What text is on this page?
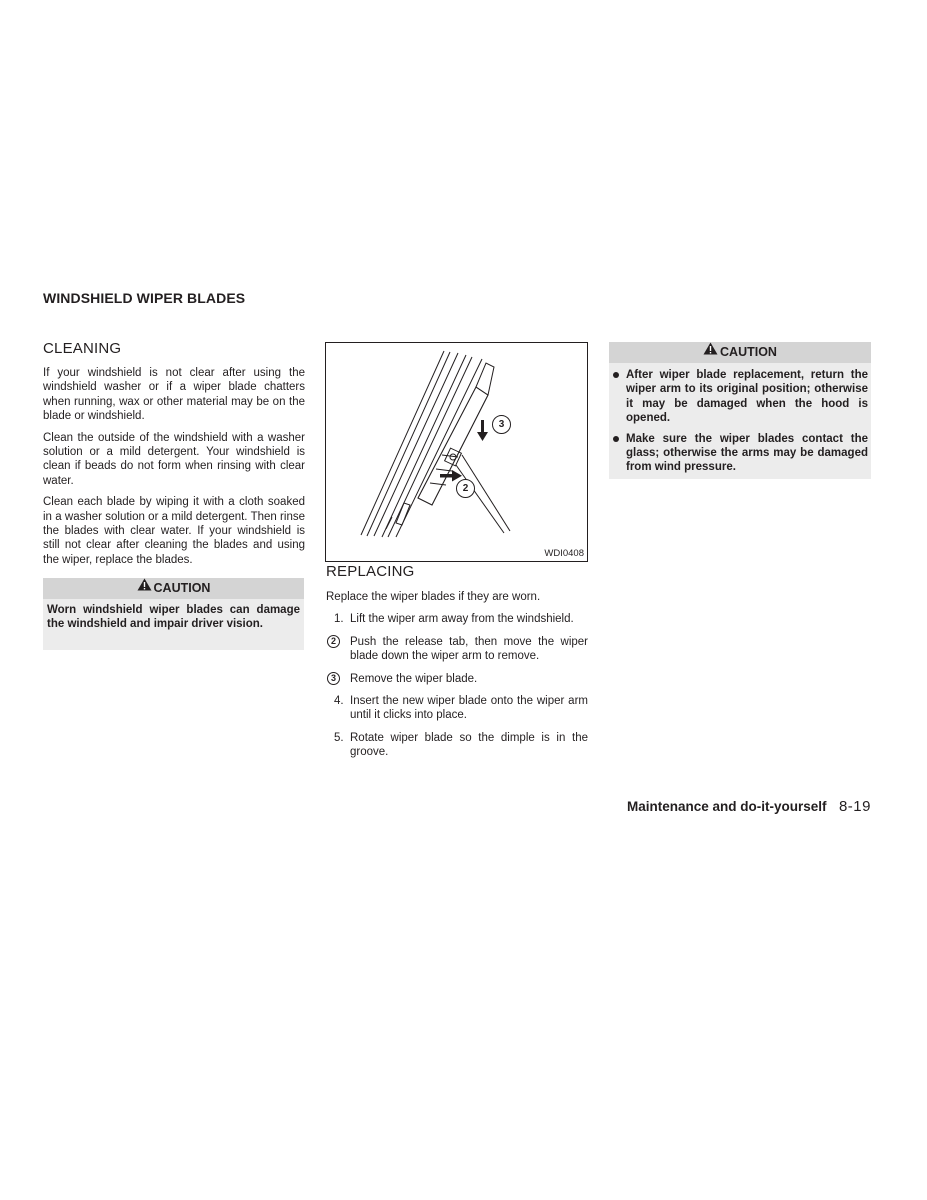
WINDSHIELD WIPER BLADES
CLEANING

If your windshield is not clear after using the windshield washer or if a wiper blade chatters when running, wax or other material may be on the blade or windshield.

Clean the outside of the windshield with a washer solution or a mild detergent. Your windshield is clean if beads do not form when rinsing with clear water.

Clean each blade by wiping it with a cloth soaked in a washer solution or a mild detergent. Then rinse the blades with clear water. If your windshield is still not clear after cleaning the blades and using the wiper, replace the blades.

CAUTION
Worn windshield wiper blades can damage the windshield and impair driver vision.
3
2
WDI0408
REPLACING

Replace the wiper blades if they are worn.

1. Lift the wiper arm away from the windshield.
2	Push the release tab, then move the wiper blade down the wiper arm to remove.
3	Remove the wiper blade.
4. Insert the new wiper blade onto the wiper arm until it clicks into place.
5. Rotate wiper blade so the dimple is in the groove.
CAUTION
After wiper blade replacement, return the wiper arm to its original position; otherwise it may be damaged when the hood is opened.
Make sure the wiper blades contact the glass; otherwise the arms may be damaged from wind pressure.
Maintenance and do-it-yourself 8-19
